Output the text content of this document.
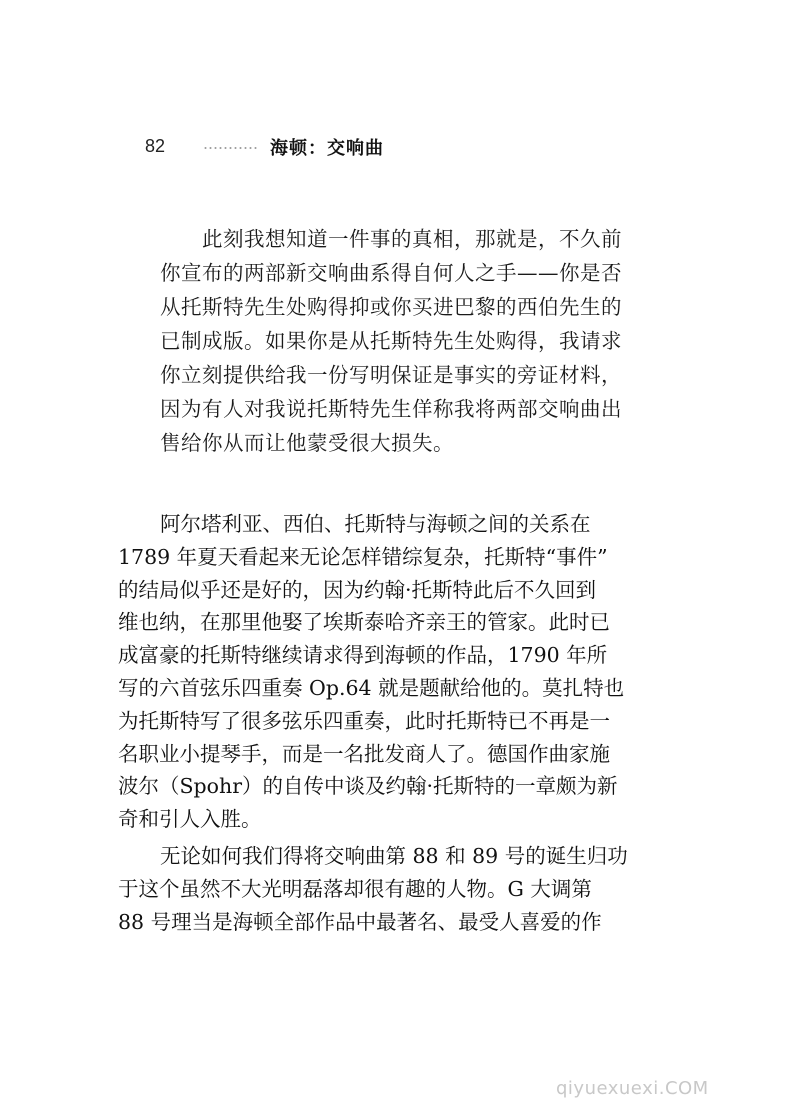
82	海顿：交响曲
此刻我想知道一件事的真相，那就是，不久前
你宣布的两部新交响曲系得自何人之手——你是否
从托斯特先生处购得抑或你买进巴黎的西伯先生的
已制成版。如果你是从托斯特先生处购得，我请求
你立刻提供给我一份写明保证是事实的旁证材料，
因为有人对我说托斯特先生佯称我将两部交响曲出
售给你从而让他蒙受很大损失。
阿尔塔利亚、西伯、托斯特与海顿之间的关系在
1789 年夏天看起来无论怎样错综复杂，托斯特“事件”
的结局似乎还是好的，因为约翰·托斯特此后不久回到
维也纳，在那里他娶了埃斯泰哈齐亲王的管家。此时已
成富豪的托斯特继续请求得到海顿的作品，1790 年所
写的六首弦乐四重奏 Op.64 就是题献给他的。莫扎特也
为托斯特写了很多弦乐四重奏，此时托斯特已不再是一
名职业小提琴手，而是一名批发商人了。德国作曲家施
波尔（Spohr）的自传中谈及约翰·托斯特的一章颇为新
奇和引人入胜。
无论如何我们得将交响曲第 88 和 89 号的诞生归功
于这个虽然不大光明磊落却很有趣的人物。G 大调第
88 号理当是海顿全部作品中最著名、最受人喜爱的作
qiyuexuexi.COM
